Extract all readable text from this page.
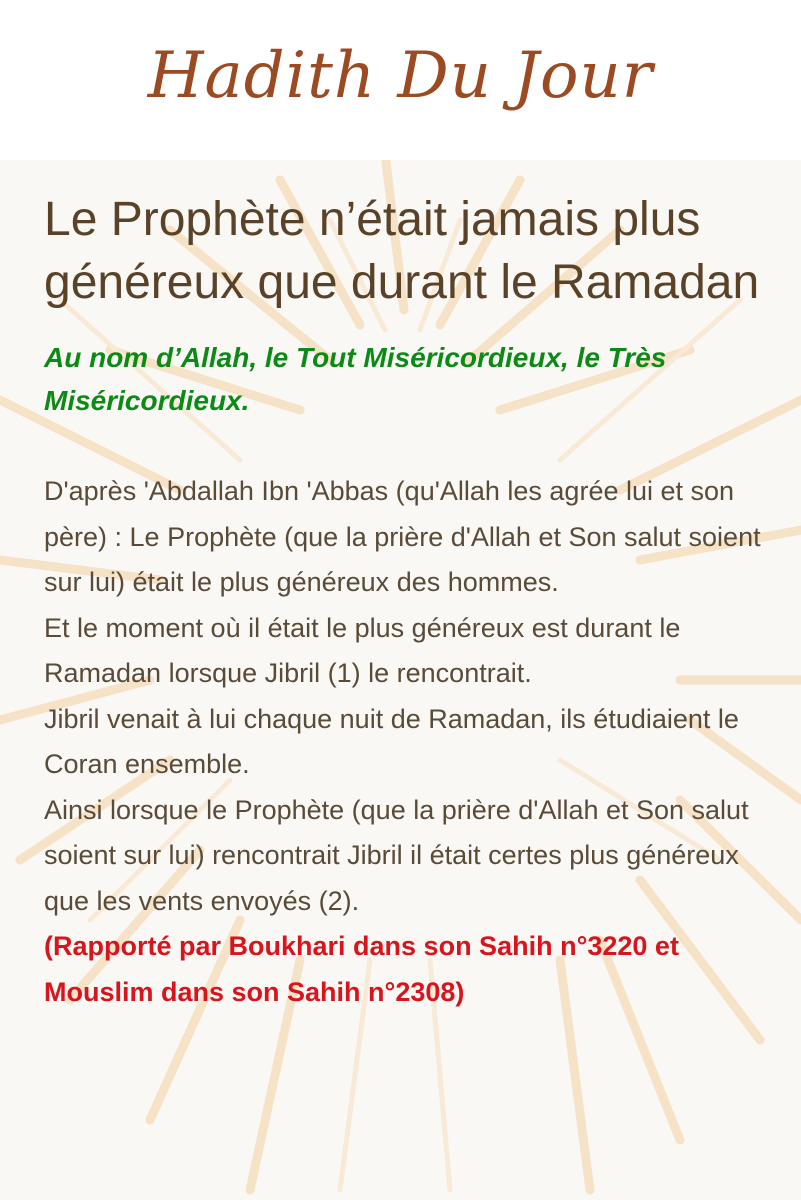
Hadith Du Jour
Le Prophète n’était jamais plus généreux que durant le Ramadan
Au nom d’Allah, le Tout Miséricordieux, le Très Miséricordieux.

D'après 'Abdallah Ibn 'Abbas (qu'Allah les agrée lui et son père) : Le Prophète (que la prière d'Allah et Son salut soient sur lui) était le plus généreux des hommes.

Et le moment où il était le plus généreux est durant le Ramadan lorsque Jibril (1) le rencontrait.

Jibril venait à lui chaque nuit de Ramadan, ils étudiaient le Coran ensemble.

Ainsi lorsque le Prophète (que la prière d'Allah et Son salut soient sur lui) rencontrait Jibril il était certes plus généreux que les vents envoyés (2).

(Rapporté par Boukhari dans son Sahih n°3220 et Mouslim dans son Sahih n°2308)
